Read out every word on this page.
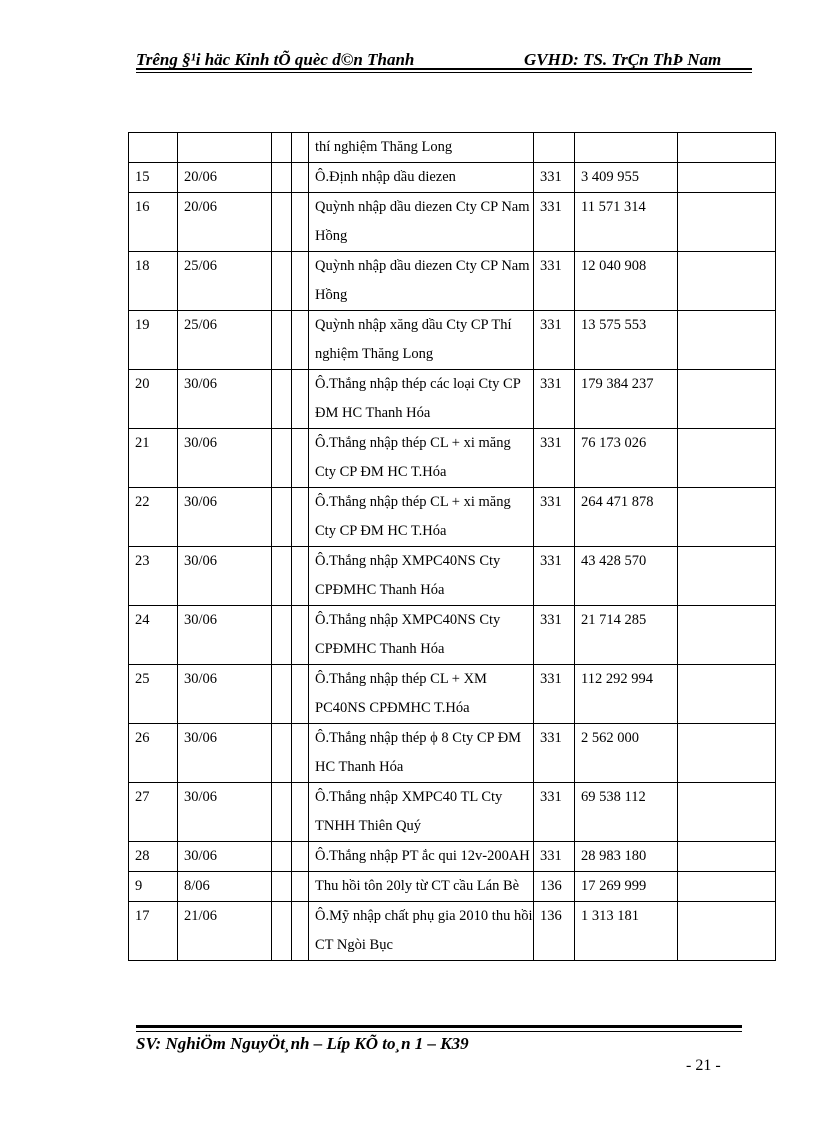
Trêng §¹i häc Kinh tÕ quèc d©n Thanh	GVHD: TS. TrÇn ThÞ Nam
				thí nghiệm Thăng Long			
15	20/06			Ô.Định nhập dầu diezen	331	3 409 955	
16	20/06			Quỳnh nhập dầu diezen Cty CP Nam Hồng	331	11 571 314	
18	25/06			Quỳnh nhập dầu diezen Cty CP Nam Hồng	331	12 040 908	
19	25/06			Quỳnh nhập xăng dầu Cty CP Thí nghiệm Thăng Long	331	13 575 553	
20	30/06			Ô.Thắng nhập thép các loại Cty CP ĐM HC Thanh Hóa	331	179 384 237	
21	30/06			Ô.Thắng nhập thép CL + xi măng Cty CP ĐM HC T.Hóa	331	76 173 026	
22	30/06			Ô.Thắng nhập thép CL + xi măng Cty CP ĐM HC T.Hóa	331	264 471 878	
23	30/06			Ô.Thắng nhập XMPC40NS Cty CPĐMHC Thanh Hóa	331	43 428 570	
24	30/06			Ô.Thắng nhập XMPC40NS Cty CPĐMHC Thanh Hóa	331	21 714 285	
25	30/06			Ô.Thắng nhập thép CL + XM PC40NS CPĐMHC T.Hóa	331	112 292 994	
26	30/06			Ô.Thắng nhập thép ϕ 8 Cty CP ĐM HC Thanh Hóa	331	2 562 000	
27	30/06			Ô.Thắng nhập XMPC40 TL Cty TNHH Thiên Quý	331	69 538 112	
28	30/06			Ô.Thắng nhập PT ắc qui 12v-200AH	331	28 983 180	
9	8/06			Thu hồi tôn 20ly từ CT cầu Lán Bè	136	17 269 999	
17	21/06			Ô.Mỹ nhập chất phụ gia 2010 thu hồi CT Ngòi Bục	136	1 313 181	
SV: NghiÖm NguyÖt¸nh – Líp KÕ to¸n 1 – K39
- 21 -
